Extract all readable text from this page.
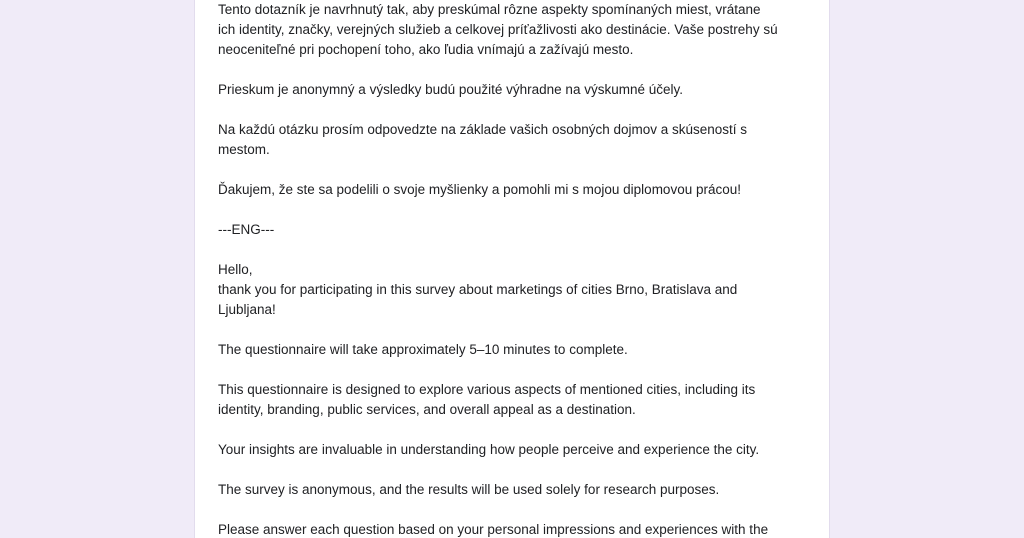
Tento dotazník je navrhnutý tak, aby preskúmal rôzne aspekty spomínaných miest, vrátane
ich identity, značky, verejných služieb a celkovej príťažlivosti ako destinácie. Vaše postrehy sú
neoceniteľné pri pochopení toho, ako ľudia vnímajú a zažívajú mesto.
Prieskum je anonymný a výsledky budú použité výhradne na výskumné účely.
Na každú otázku prosím odpovedzte na základe vašich osobných dojmov a skúseností s
mestom.
Ďakujem, že ste sa podelili o svoje myšlienky a pomohli mi s mojou diplomovou prácou!
---ENG---
Hello,
thank you for participating in this survey about marketings of cities Brno, Bratislava and
Ljubljana!
The questionnaire will take approximately 5–10 minutes to complete.
This questionnaire is designed to explore various aspects of mentioned cities, including its
identity, branding, public services, and overall appeal as a destination.
Your insights are invaluable in understanding how people perceive and experience the city.
The survey is anonymous, and the results will be used solely for research purposes.
Please answer each question based on your personal impressions and experiences with the
